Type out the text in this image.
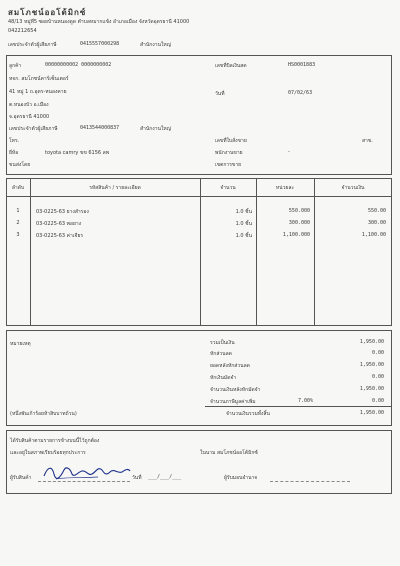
สมโภชน์ออโต้มิกซ์
48/13 หมู่ที่5 ซอยบ้านหนองดูด ตำบลหมากแข้ง อำเภอเมือง จังหวัดอุดรธานี 41000
042212654
เลขประจำตัวผู้เสียภาษี	0415557000298	สำนักงานใหญ่
ลูกค้า	00000000002 0000000002
หจก. สมโภชน์คาร์เซ็นเตอร์
41 หมู่ 1 ถ.อุดร-หนองคาย
ต.หนองบัว อ.เมือง
จ.อุดรธานี 41000
เลขประจำตัวผู้เสียภาษี	0413544000837	สำนักงานใหญ่
โทร.
ยี่ห้อ	toyota camry ขข 6156 ลพ
ขนส่งโดย
เลขที่บิลเงินสด	HS0001883
วันที่	07/02/63
เลขที่ใบสั่งขาย
พนักงานขาย	-
เขตการขาย
สาข.
ลำดับ	รหัสสินค้า / รายละเอียด	จำนวน	หน่วยละ	จำนวนเงิน
1	03-0225-63 ยางสำรอง	1.0 ชิ้น	550.000	550.00
2	03-0225-63 พอยาง	1.0 ชิ้น	300.000	300.00
3	03-0225-63 ค่าเจียร	1.0 ชิ้น	1,100.000	1,100.00
หมายเหตุ
(หนึ่งพันเก้าร้อยห้าสิบบาทถ้วน)
รวมเป็นเงิน	1,950.00
หักส่วนลด	0.00
ยอดหลังหักส่วนลด	1,950.00
หักเงินมัดจำ	0.00
จำนวนเงินหลังหักมัดจำ	1,950.00
จำนวนภาษีมูลค่าเพิ่ม	7.00%	0.00
จำนวนเงินรวมทั้งสิ้น	1,950.00
ได้รับสินค้าตามรายการข้างบนนี้ไว้ถูกต้อง
และอยู่ในสภาพเรียบร้อยทุกประการ	ในนาม สมโภชน์ออโต้มิกซ์
ผู้รับสินค้า	วันที่ ___/___/___	ผู้รับมอบอำนาจ
